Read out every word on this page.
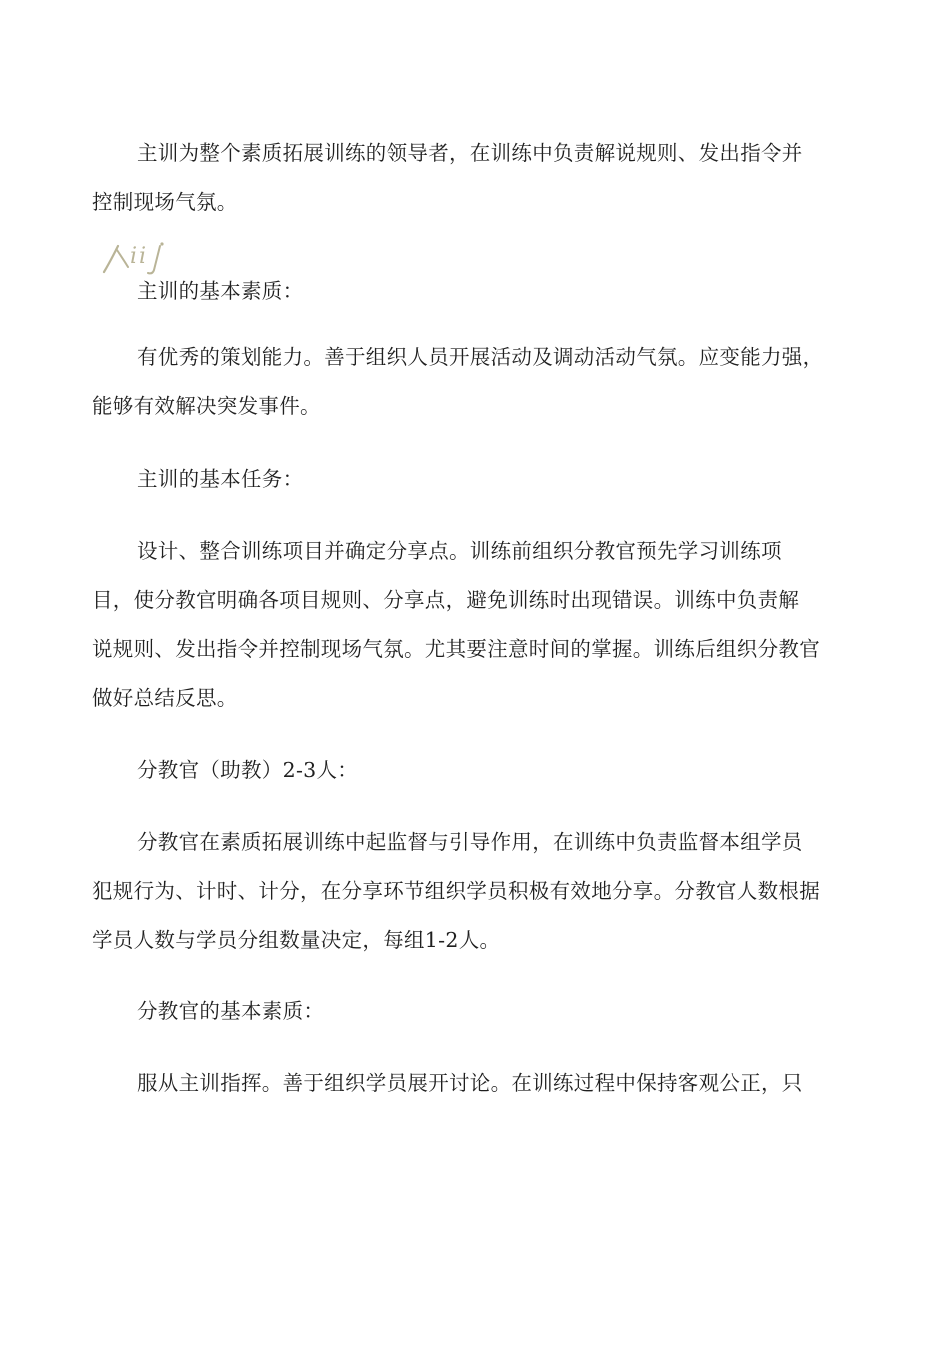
主训为整个素质拓展训练的领导者，在训练中负责解说规则、发出指令并
控制现场气氛。

ii

主训的基本素质：

有优秀的策划能力。善于组织人员开展活动及调动活动气氛。应变能力强，
能够有效解决突发事件。

主训的基本任务：

设计、整合训练项目并确定分享点。训练前组织分教官预先学习训练项
目，使分教官明确各项目规则、分享点，避免训练时出现错误。训练中负责解
说规则、发出指令并控制现场气氛。尤其要注意时间的掌握。训练后组织分教官
做好总结反思。

分教官（助教）2-3人：

分教官在素质拓展训练中起监督与引导作用，在训练中负责监督本组学员
犯规行为、计时、计分，在分享环节组织学员积极有效地分享。分教官人数根据
学员人数与学员分组数量决定，每组1-2人。

分教官的基本素质：

服从主训指挥。善于组织学员展开讨论。在训练过程中保持客观公正，只
